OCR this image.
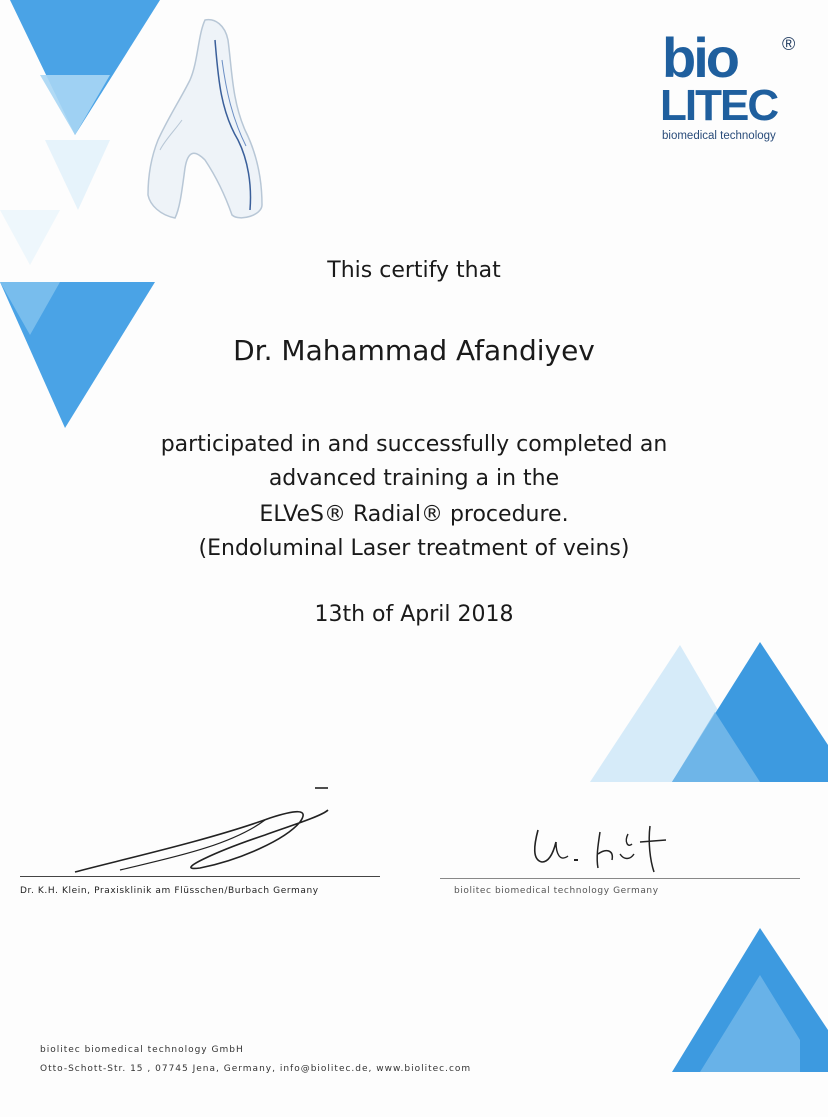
bio	®
LITEC
biomedical technology
This certify that
Dr. Mahammad Afandiyev
participated in and successfully completed an
advanced training a in the
ELVeS® Radial® procedure.
(Endoluminal Laser treatment of veins)
13th of April 2018
Dr. K.H. Klein, Praxisklinik am Flüsschen/Burbach Germany	biolitec biomedical technology Germany
biolitec biomedical technology GmbH
Otto-Schott-Str. 15 , 07745 Jena, Germany, info@biolitec.de, www.biolitec.com
